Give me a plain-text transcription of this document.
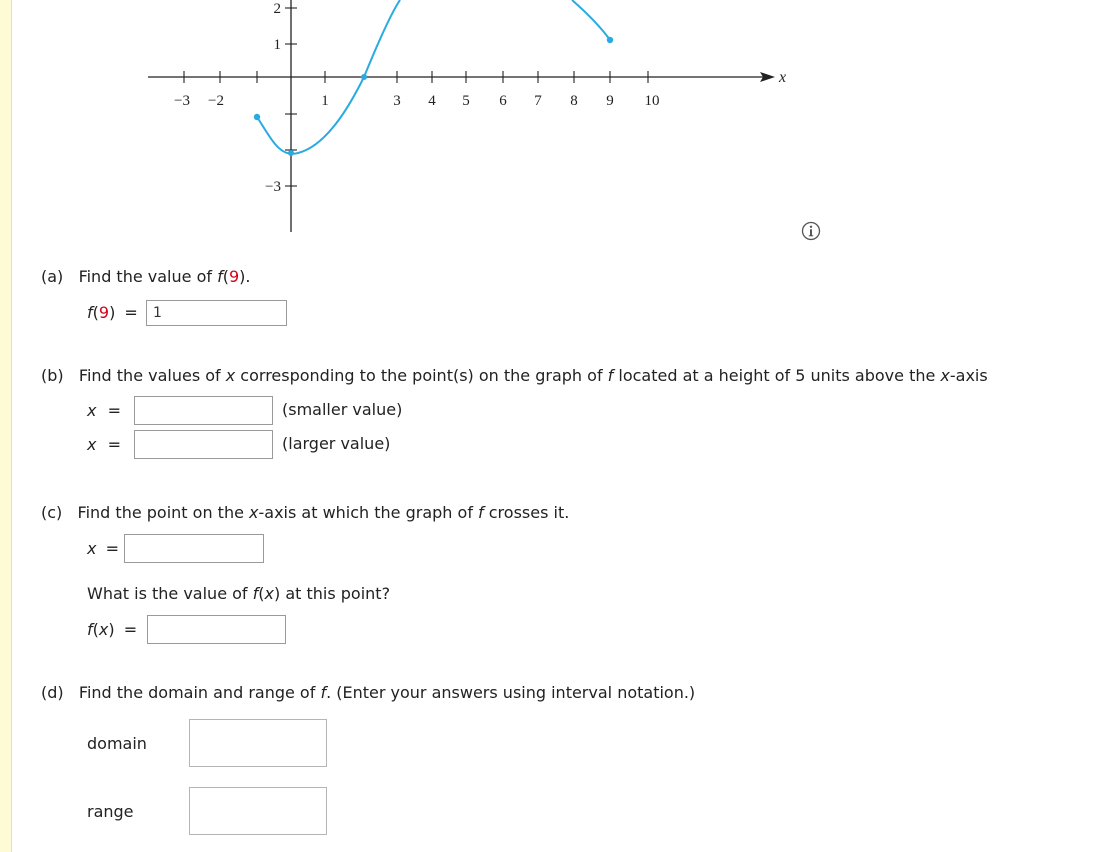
−3 −2	1	3 4 5 6 7 8 9 10
2
1
−3
x
(a) Find the value of f(9).
f(9) =
1
(b) Find the values of x corresponding to the point(s) on the graph of f located at a height of 5 units above the x-axis
x =	(smaller value)
x =	(larger value)
(c) Find the point on the x-axis at which the graph of f crosses it.
x =
What is the value of f(x) at this point?
f(x) =
(d) Find the domain and range of f. (Enter your answers using interval notation.)
domain
range
